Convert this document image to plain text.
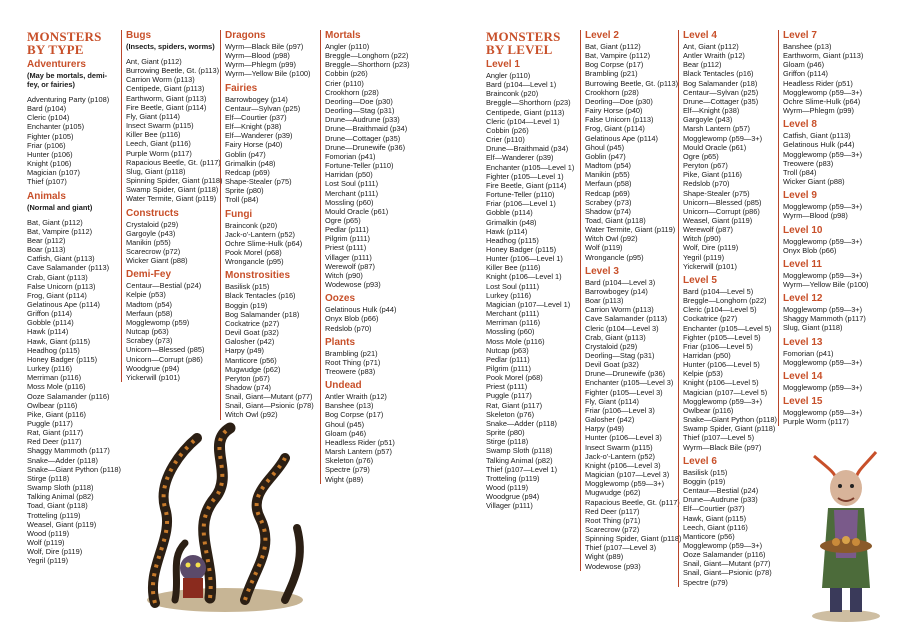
MONSTERS
BY TYPE
Adventurers
(May be mortals, demi-fey, or fairies)
Adventuring Party (p108)
Bard (p104)
Cleric (p104)
Enchanter (p105)
Fighter (p105)
Friar (p106)
Hunter (p106)
Knight (p106)
Magician (p107)
Thief (p107)
Animals
(Normal and giant)
Bat, Giant (p112)
Bat, Vampire (p112)
Bear (p112)
Boar (p113)
Catfish, Giant (p113)
Cave Salamander (p113)
Crab, Giant (p113)
False Unicorn (p113)
Frog, Giant (p114)
Gelatinous Ape (p114)
Griffon (p114)
Gobble (p114)
Hawk (p114)
Hawk, Giant (p115)
Headhog (p115)
Honey Badger (p115)
Lurkey (p116)
Merriman (p116)
Moss Mole (p116)
Ooze Salamander (p116)
Owlbear (p116)
Pike, Giant (p116)
Puggle (p117)
Rat, Giant (p117)
Red Deer (p117)
Shaggy Mammoth (p117)
Snake—Adder (p118)
Snake—Giant Python (p118)
Stirge (p118)
Swamp Sloth (p118)
Talking Animal (p82)
Toad, Giant (p118)
Trotteling (p119)
Weasel, Giant (p119)
Wood (p119)
Wolf (p119)
Wolf, Dire (p119)
Yegril (p119)
Bugs
(Insects, spiders, worms)
Ant, Giant (p112)
Burrowing Beetle, Gt. (p113)
Carrion Worm (p113)
Centipede, Giant (p113)
Earthworm, Giant (p113)
Fire Beetle, Giant (p114)
Fly, Giant (p114)
Insect Swarm (p115)
Killer Bee (p116)
Leech, Giant (p116)
Purple Worm (p117)
Rapacious Beetle, Gt. (p117)
Slug, Giant (p118)
Spinning Spider, Giant (p118)
Swamp Spider, Giant (p118)
Water Termite, Giant (p119)
Constructs
Crystaloid (p29)
Gargoyle (p43)
Manikin (p55)
Scarecrow (p72)
Wicker Giant (p88)
Demi-Fey
Centaur—Bestial (p24)
Kelpie (p53)
Madtom (p54)
Merfaun (p58)
Mogglewomp (p59)
Nutcap (p63)
Scrabey (p73)
Unicorn—Blessed (p85)
Unicorn—Corrupt (p86)
Woodgrue (p94)
Yickerwill (p101)
Dragons
Wyrm—Black Bile (p97)
Wyrm—Blood (p98)
Wyrm—Phlegm (p99)
Wyrm—Yellow Bile (p100)
Fairies
Barrowbogey (p14)
Centaur—Sylvan (p25)
Elf—Courtier (p37)
Elf—Knight (p38)
Elf—Wanderer (p39)
Fairy Horse (p40)
Goblin (p47)
Grimalkin (p48)
Redcap (p69)
Shape-Stealer (p75)
Sprite (p80)
Troll (p84)
Fungi
Brainconk (p20)
Jack-o'-Lantern (p52)
Ochre Slime-Hulk (p64)
Pook Morel (p68)
Wrongancle (p95)
Monstrosities
Basilisk (p15)
Black Tentacles (p16)
Boggin (p19)
Bog Salamander (p18)
Cockatrice (p27)
Devil Goat (p32)
Galosher (p42)
Harpy (p49)
Manticore (p56)
Mugwudge (p62)
Peryton (p67)
Shadow (p74)
Snail, Giant—Mutant (p77)
Snail, Giant—Psionic (p78)
Witch Owl (p92)
Mortals
Angler (p110)
Breggle—Longhorn (p22)
Breggle—Shorthorn (p23)
Cobbin (p26)
Crier (p110)
Crookhorn (p28)
Deorling—Doe (p30)
Deorling—Stag (p31)
Drune—Audrune (p33)
Drune—Braithmaid (p34)
Drune—Cottager (p35)
Drune—Drunewife (p36)
Fomorian (p41)
Fortune-Teller (p110)
Harridan (p50)
Lost Soul (p111)
Merchant (p111)
Mossling (p60)
Mould Oracle (p61)
Ogre (p65)
Pedlar (p111)
Pilgrim (p111)
Priest (p111)
Villager (p111)
Werewolf (p87)
Witch (p90)
Wodewose (p93)
Oozes
Gelatinous Hulk (p44)
Onyx Blob (p66)
Redslob (p70)
Plants
Brambling (p21)
Root Thing (p71)
Treowere (p83)
Undead
Antler Wraith (p12)
Banshee (p13)
Bog Corpse (p17)
Ghoul (p45)
Gloam (p46)
Headless Rider (p51)
Marsh Lantern (p57)
Skeleton (p76)
Spectre (p79)
Wight (p89)
MONSTERS
BY LEVEL
Level 1
Angler (p110)
Bard (p104—Level 1)
Brainconk (p20)
Breggle—Shorthorn (p23)
Centipede, Giant (p113)
Cleric (p104—Level 1)
Cobbin (p26)
Crier (p110)
Drune—Braithmaid (p34)
Elf—Wanderer (p39)
Enchanter (p105—Level 1)
Fighter (p105—Level 1)
Fire Beetle, Giant (p114)
Fortune-Teller (p110)
Friar (p106—Level 1)
Gobble (p114)
Grimalkin (p48)
Hawk (p114)
Headhog (p115)
Honey Badger (p115)
Hunter (p106—Level 1)
Killer Bee (p116)
Knight (p106—Level 1)
Lost Soul (p111)
Lurkey (p116)
Magician (p107—Level 1)
Merchant (p111)
Merriman (p116)
Mossling (p60)
Moss Mole (p116)
Nutcap (p63)
Pedlar (p111)
Pilgrim (p111)
Pook Morel (p68)
Priest (p111)
Puggle (p117)
Rat, Giant (p117)
Skeleton (p76)
Snake—Adder (p118)
Sprite (p80)
Stirge (p118)
Swamp Sloth (p118)
Talking Animal (p82)
Thief (p107—Level 1)
Trotteling (p119)
Wood (p119)
Woodgrue (p94)
Villager (p111)
Level 2
Bat, Giant (p112)
Bat, Vampire (p112)
Bog Corpse (p17)
Brambling (p21)
Burrowing Beetle, Gt. (p113)
Crookhorn (p28)
Deorling—Doe (p30)
Fairy Horse (p40)
False Unicorn (p113)
Frog, Giant (p114)
Gelatinous Ape (p114)
Ghoul (p45)
Goblin (p47)
Madtom (p54)
Manikin (p55)
Merfaun (p58)
Redcap (p69)
Scrabey (p73)
Shadow (p74)
Toad, Giant (p118)
Water Termite, Giant (p119)
Witch Owl (p92)
Wolf (p119)
Wrongancle (p95)
Level 3
Bard (p104—Level 3)
Barrowbogey (p14)
Boar (p113)
Carrion Worm (p113)
Cave Salamander (p113)
Cleric (p104—Level 3)
Crab, Giant (p113)
Crystaloid (p29)
Deorling—Stag (p31)
Devil Goat (p32)
Drune—Drunewife (p36)
Enchanter (p105—Level 3)
Fighter (p105—Level 3)
Fly, Giant (p114)
Friar (p106—Level 3)
Galosher (p42)
Harpy (p49)
Hunter (p106—Level 3)
Insect Swarm (p115)
Jack-o'-Lantern (p52)
Knight (p106—Level 3)
Magician (p107—Level 3)
Mogglewomp (p59—3+)
Mugwudge (p62)
Rapacious Beetle, Gt. (p117)
Red Deer (p117)
Root Thing (p71)
Scarecrow (p72)
Spinning Spider, Giant (p118)
Thief (p107—Level 3)
Wight (p89)
Wodewose (p93)
Level 4
Ant, Giant (p112)
Antler Wraith (p12)
Bear (p112)
Black Tentacles (p16)
Bog Salamander (p18)
Centaur—Sylvan (p25)
Drune—Cottager (p35)
Elf—Knight (p38)
Gargoyle (p43)
Marsh Lantern (p57)
Mogglewomp (p59—3+)
Mould Oracle (p61)
Ogre (p65)
Peryton (p67)
Pike, Giant (p116)
Redslob (p70)
Shape-Stealer (p75)
Unicorn—Blessed (p85)
Unicorn—Corrupt (p86)
Weasel, Giant (p119)
Werewolf (p87)
Witch (p90)
Wolf, Dire (p119)
Yegril (p119)
Yickerwill (p101)
Level 5
Bard (p104—Level 5)
Breggle—Longhorn (p22)
Cleric (p104—Level 5)
Cockatrice (p27)
Enchanter (p105—Level 5)
Fighter (p105—Level 5)
Friar (p106—Level 5)
Harridan (p50)
Hunter (p106—Level 5)
Kelpie (p53)
Knight (p106—Level 5)
Magician (p107—Level 5)
Mogglewomp (p59—3+)
Owlbear (p116)
Snake—Giant Python (p118)
Swamp Spider, Giant (p118)
Thief (p107—Level 5)
Wyrm—Black Bile (p97)
Level 6
Basilisk (p15)
Boggin (p19)
Centaur—Bestial (p24)
Drune—Audrune (p33)
Elf—Courtier (p37)
Hawk, Giant (p115)
Leech, Giant (p116)
Manticore (p56)
Mogglewomp (p59—3+)
Ooze Salamander (p116)
Snail, Giant—Mutant (p77)
Snail, Giant—Psionic (p78)
Spectre (p79)
Level 7
Banshee (p13)
Earthworm, Giant (p113)
Gloam (p46)
Griffon (p114)
Headless Rider (p51)
Mogglewomp (p59—3+)
Ochre Slime-Hulk (p64)
Wyrm—Phlegm (p99)
Level 8
Catfish, Giant (p113)
Gelatinous Hulk (p44)
Mogglewomp (p59—3+)
Treowere (p83)
Troll (p84)
Wicker Giant (p88)
Level 9
Mogglewomp (p59—3+)
Wyrm—Blood (p98)
Level 10
Mogglewomp (p59—3+)
Onyx Blob (p66)
Level 11
Mogglewomp (p59—3+)
Wyrm—Yellow Bile (p100)
Level 12
Mogglewomp (p59—3+)
Shaggy Mammoth (p117)
Slug, Giant (p118)
Level 13
Fomorian (p41)
Mogglewomp (p59—3+)
Level 14
Mogglewomp (p59—3+)
Level 15
Mogglewomp (p59—3+)
Purple Worm (p117)
